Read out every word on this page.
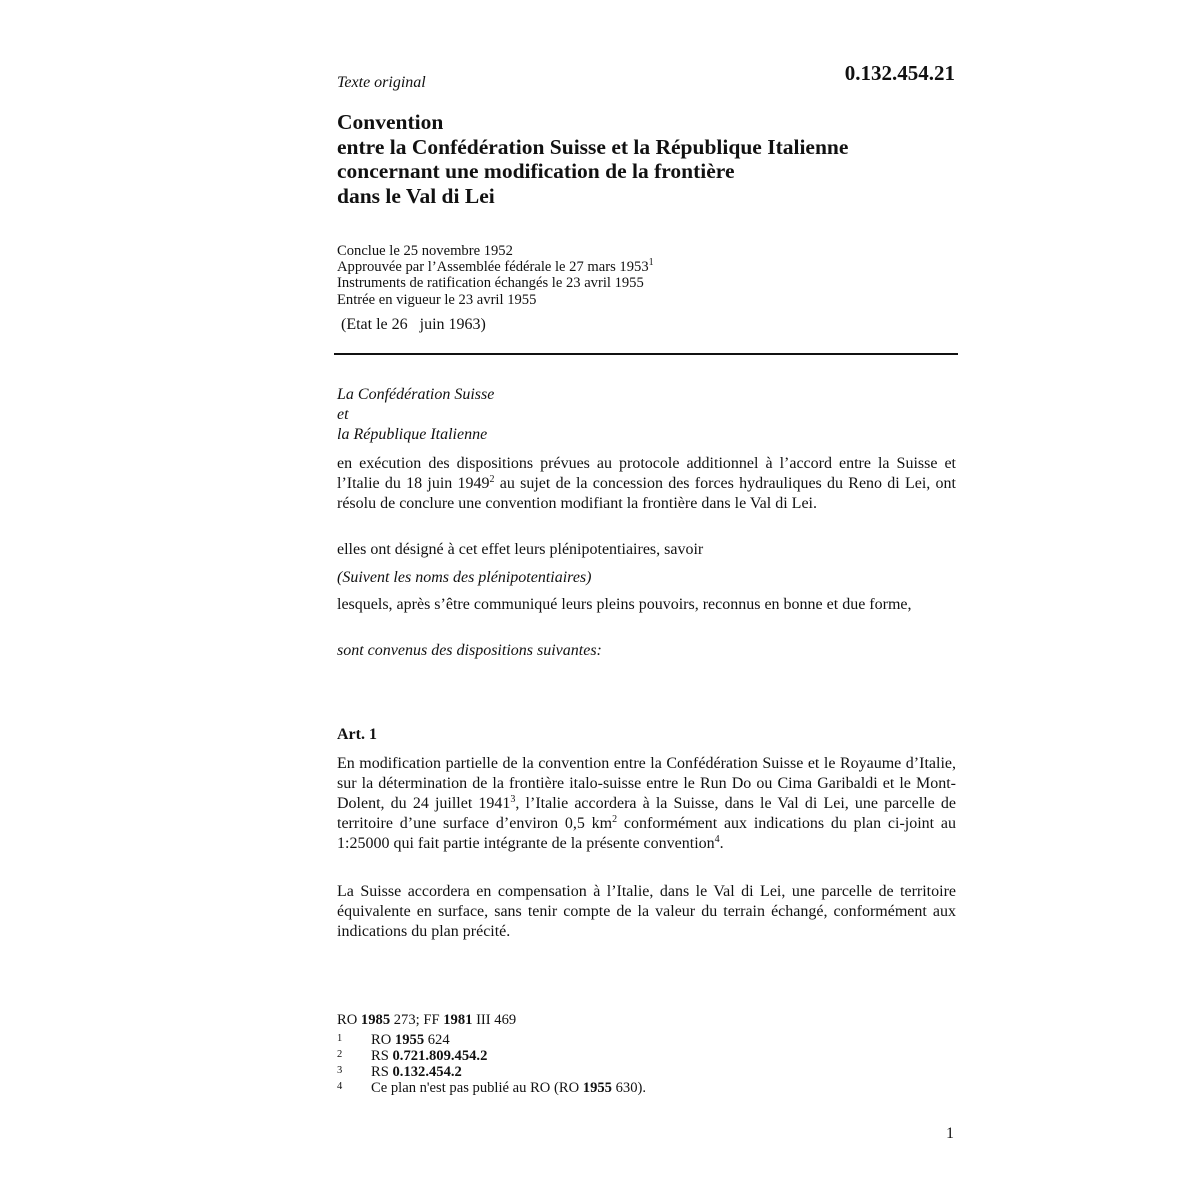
Texte original	0.132.454.21
Convention
entre la Confédération Suisse et la République Italienne
concernant une modification de la frontière
dans le Val di Lei
Conclue le 25 novembre 1952
Approuvée par l’Assemblée fédérale le 27 mars 1953$^1$
Instruments de ratification échangés le 23 avril 1955
Entrée en vigueur le 23 avril 1955
(Etat le 26   juin 1963)
La Confédération Suisse
et
la République Italienne
en exécution des dispositions prévues au protocole additionnel à l’accord entre la Suisse et l’Italie du 18 juin 1949$^2$ au sujet de la concession des forces hydrauliques du Reno di Lei, ont résolu de conclure une convention modifiant la frontière dans le Val di Lei.
elles ont désigné à cet effet leurs plénipotentiaires, savoir
(Suivent les noms des plénipotentiaires)
lesquels, après s’être communiqué leurs pleins pouvoirs, reconnus en bonne et due forme,
sont convenus des dispositions suivantes:
Art. 1
En modification partielle de la convention entre la Confédération Suisse et le Royaume d’Italie, sur la détermination de la frontière italo-suisse entre le Run Do ou Cima Garibaldi et le Mont-Dolent, du 24 juillet 1941$^3$, l’Italie accordera à la Suisse, dans le Val di Lei, une parcelle de territoire d’une surface d’environ 0,5 $km^2$ conformément aux indications du plan ci-joint au 1:25000 qui fait partie intégrante de la présente convention$^4$.
La Suisse accordera en compensation à l’Italie, dans le Val di Lei, une parcelle de territoire équivalente en surface, sans tenir compte de la valeur du terrain échangé, conformément aux indications du plan précité.
RO 1985 273; FF 1981 III 469
1 RO 1955 624
2 RS 0.721.809.454.2
3 RS 0.132.454.2
4 Ce plan n'est pas publié au RO (RO 1955 630).
1
